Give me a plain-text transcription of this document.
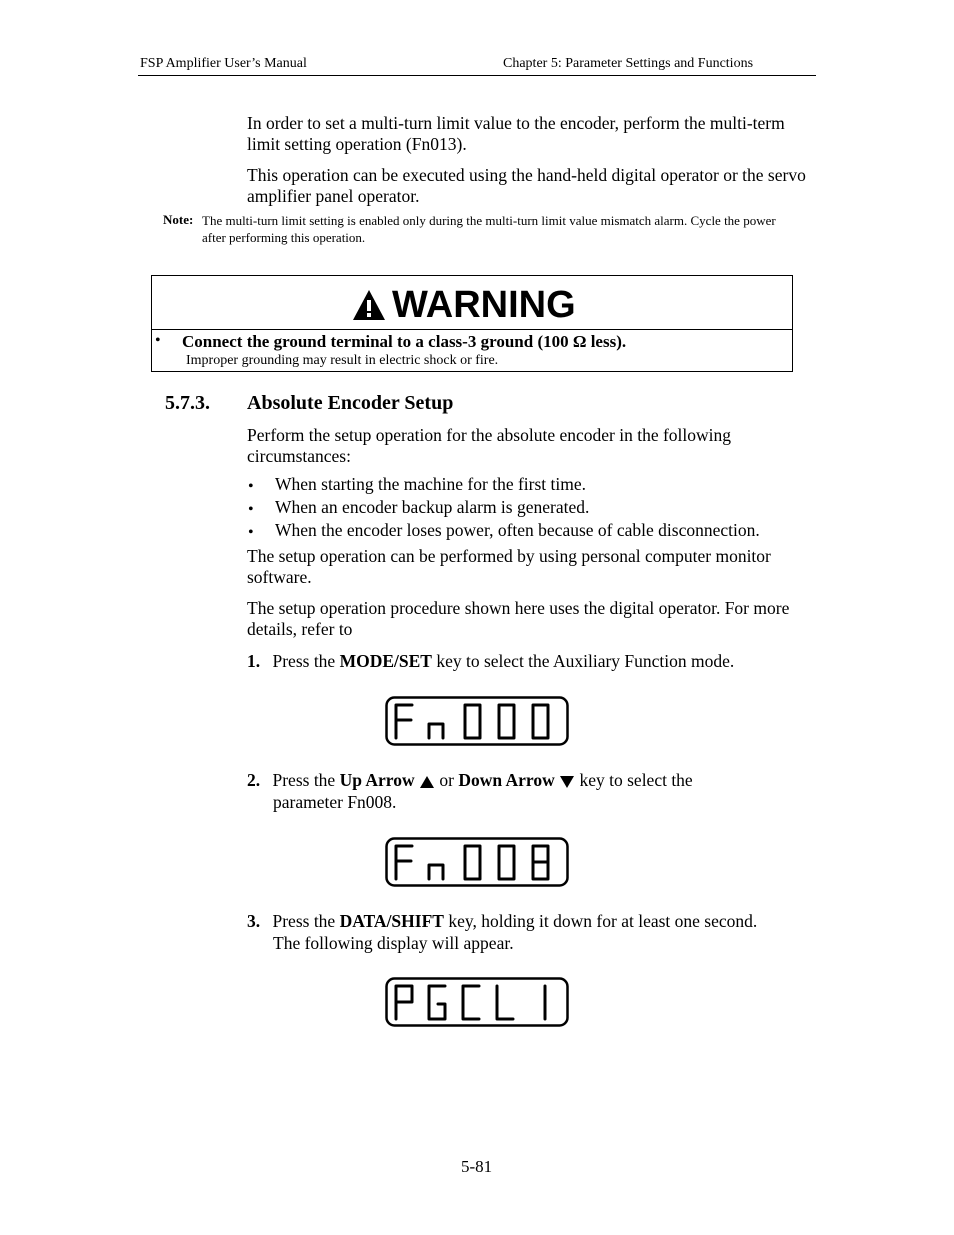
FSP Amplifier User’s Manual	Chapter 5: Parameter Settings and Functions
In order to set a multi-turn limit value to the encoder, perform the multi-term limit setting operation (Fn013).
This operation can be executed using the hand-held digital operator or the servo amplifier panel operator.
Note: The multi-turn limit setting is enabled only during the multi-turn limit value mismatch alarm. Cycle the power after performing this operation.
WARNING
• Connect the ground terminal to a class-3 ground (100 Ω less).
Improper grounding may result in electric shock or fire.
5.7.3. Absolute Encoder Setup
Perform the setup operation for the absolute encoder in the following circumstances:
• When starting the machine for the first time.
• When an encoder backup alarm is generated.
• When the encoder loses power, often because of cable disconnection.
The setup operation can be performed by using personal computer monitor software.
The setup operation procedure shown here uses the digital operator. For more details, refer to
1. Press the MODE/SET key to select the Auxiliary Function mode.
2. Press the Up Arrow  or Down Arrow  key to select the
parameter Fn008.
3. Press the DATA/SHIFT key, holding it down for at least one second.
The following display will appear.
5-81
